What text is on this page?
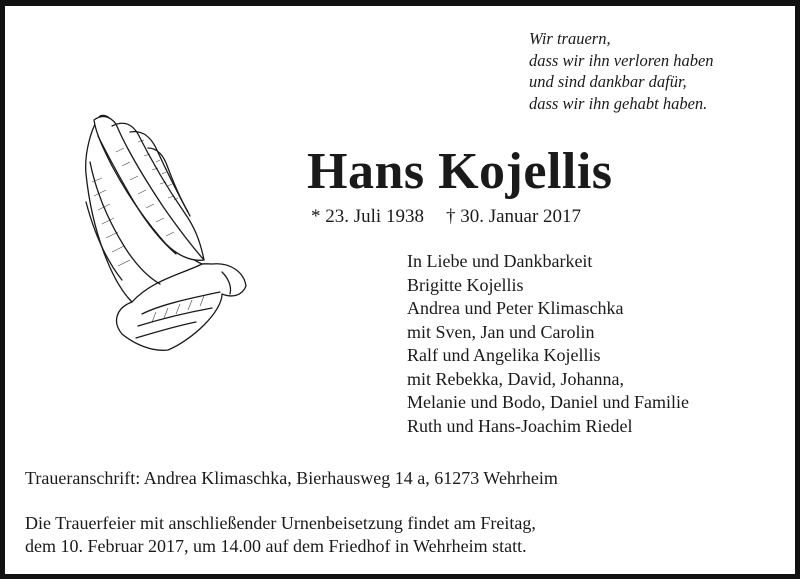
Wir trauern,
dass wir ihn verloren haben
und sind dankbar dafür,
dass wir ihn gehabt haben.
Hans Kojellis
* 23. Juli 1938 † 30. Januar 2017
In Liebe und Dankbarkeit
Brigitte Kojellis
Andrea und Peter Klimaschka
mit Sven, Jan und Carolin
Ralf und Angelika Kojellis
mit Rebekka, David, Johanna,
Melanie und Bodo, Daniel und Familie
Ruth und Hans-Joachim Riedel
Traueranschrift: Andrea Klimaschka, Bierhausweg 14 a, 61273 Wehrheim
Die Trauerfeier mit anschließender Urnenbeisetzung findet am Freitag,
dem 10. Februar 2017, um 14.00 auf dem Friedhof in Wehrheim statt.
